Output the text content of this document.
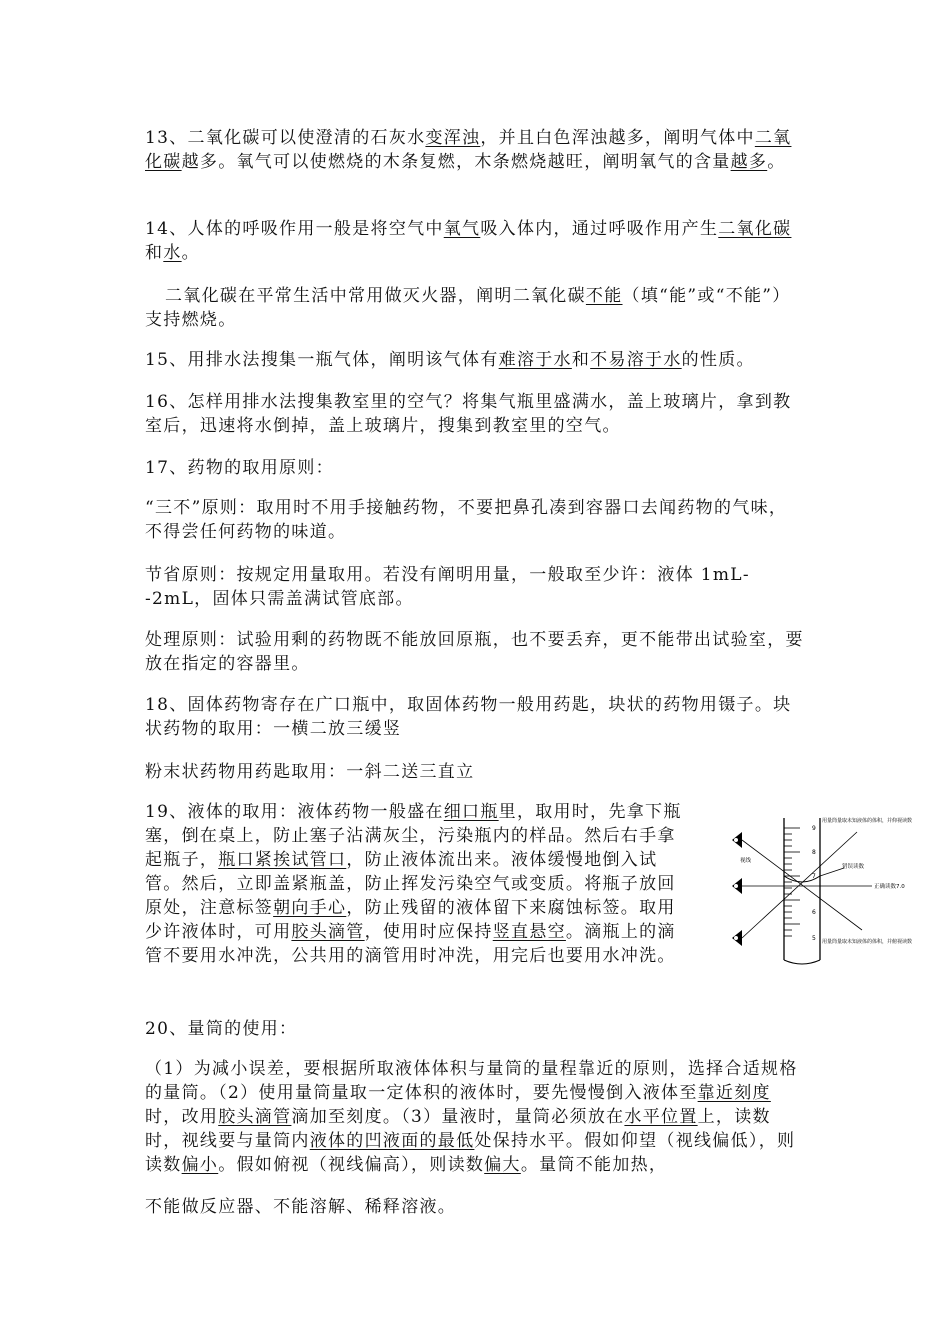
13、二氧化碳可以使澄清的石灰水变浑浊，并且白色浑浊越多，阐明气体中二氧化碳越多。氧气可以使燃烧的木条复燃，木条燃烧越旺，阐明氧气的含量越多。

14、人体的呼吸作用一般是将空气中氧气吸入体内，通过呼吸作用产生二氧化碳和水。

二氧化碳在平常生活中常用做灭火器，阐明二氧化碳不能（填“能”或“不能”）支持燃烧。

15、用排水法搜集一瓶气体，阐明该气体有难溶于水和不易溶于水的性质。

16、怎样用排水法搜集教室里的空气？将集气瓶里盛满水，盖上玻璃片，拿到教室后，迅速将水倒掉，盖上玻璃片，搜集到教室里的空气。

17、药物的取用原则：

“三不”原则：取用时不用手接触药物，不要把鼻孔凑到容器口去闻药物的气味，不得尝任何药物的味道。

节省原则：按规定用量取用。若没有阐明用量，一般取至少许：液体 1mL--2mL，固体只需盖满试管底部。

处理原则：试验用剩的药物既不能放回原瓶，也不要丢弃，更不能带出试验室，要放在指定的容器里。

18、固体药物寄存在广口瓶中，取固体药物一般用药匙，块状的药物用镊子。块状药物的取用：一横二放三缓竖

粉末状药物用药匙取用：一斜二送三直立

19、液体的取用：液体药物一般盛在细口瓶里，取用时，先拿下瓶塞，倒在桌上，防止塞子沾满灰尘，污染瓶内的样品。然后右手拿起瓶子，瓶口紧挨试管口，防止液体流出来。液体缓慢地倒入试管。然后，立即盖紧瓶盖，防止挥发污染空气或变质。将瓶子放回原处，注意标签朝向手心，防止残留的液体留下来腐蚀标签。取用少许液体时，可用胶头滴管，使用时应保持竖直悬空。滴瓶上的滴管不要用水冲洗，公共用的滴管用时冲洗，用完后也要用水冲洗。

9
8
7
6
5
视线
用量筒量取未知液体的体积，并仰视读数
错误读数
正确读数7.0
用量筒量取未知液体的体积，并俯视读数

20、量筒的使用：

（1）为减小误差，要根据所取液体体积与量筒的量程靠近的原则，选择合适规格的量筒。（2）使用量筒量取一定体积的液体时，要先慢慢倒入液体至靠近刻度时，改用胶头滴管滴加至刻度。（3）量液时，量筒必须放在水平位置上，读数时，视线要与量筒内液体的凹液面的最低处保持水平。假如仰望（视线偏低），则读数偏小。假如俯视（视线偏高），则读数偏大。量筒不能加热，

不能做反应器、不能溶解、稀释溶液。
